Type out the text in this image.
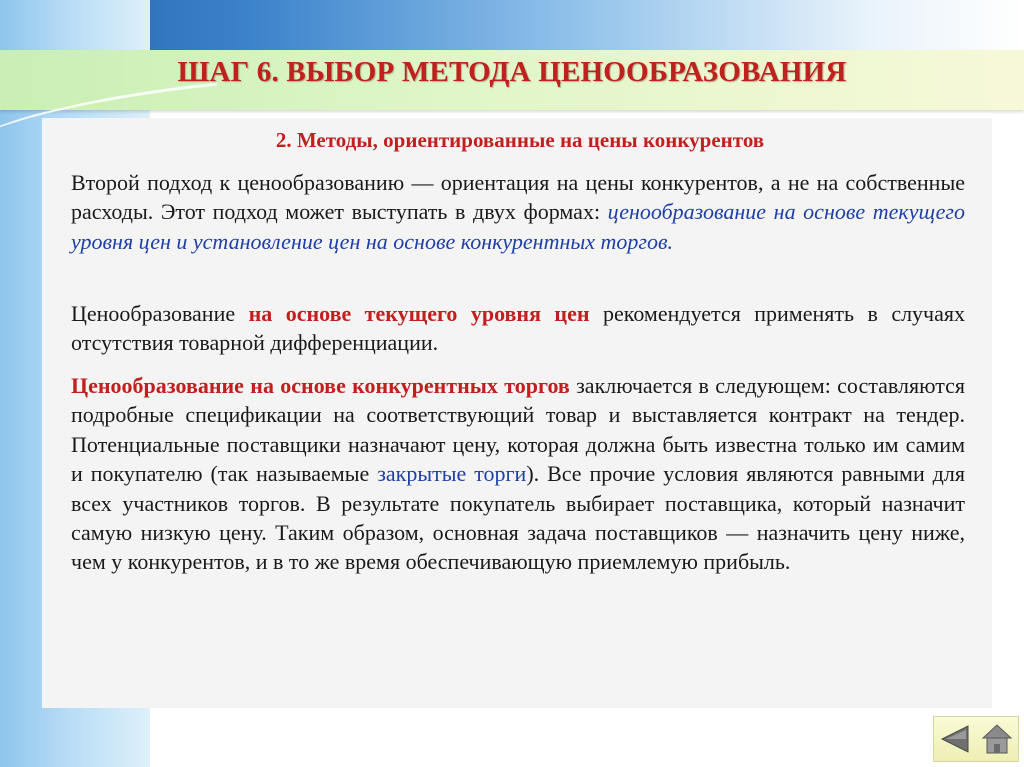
ШАГ 6. ВЫБОР МЕТОДА ЦЕНООБРАЗОВАНИЯ
2. Методы, ориентированные на цены конкурентов
Второй подход к ценообразованию — ориентация на цены конкурентов, а не на собственные расходы. Этот подход может выступать в двух формах: ценообразование на основе текущего уровня цен и установление цен на основе конкурентных торгов.
Ценообразование на основе текущего уровня цен рекомендуется применять в случаях отсутствия товарной дифференциации.
Ценообразование на основе конкурентных торгов заключается в следующем: составляются подробные спецификации на соответствующий товар и выставляется контракт на тендер. Потенциальные поставщики назначают цену, которая должна быть известна только им самим и покупателю (так называемые закрытые торги). Все прочие условия являются равными для всех участников торгов. В результате покупатель выбирает поставщика, который назначит самую низкую цену. Таким образом, основная задача поставщиков — назначить цену ниже, чем у конкурентов, и в то же время обеспечивающую приемлемую прибыль.
